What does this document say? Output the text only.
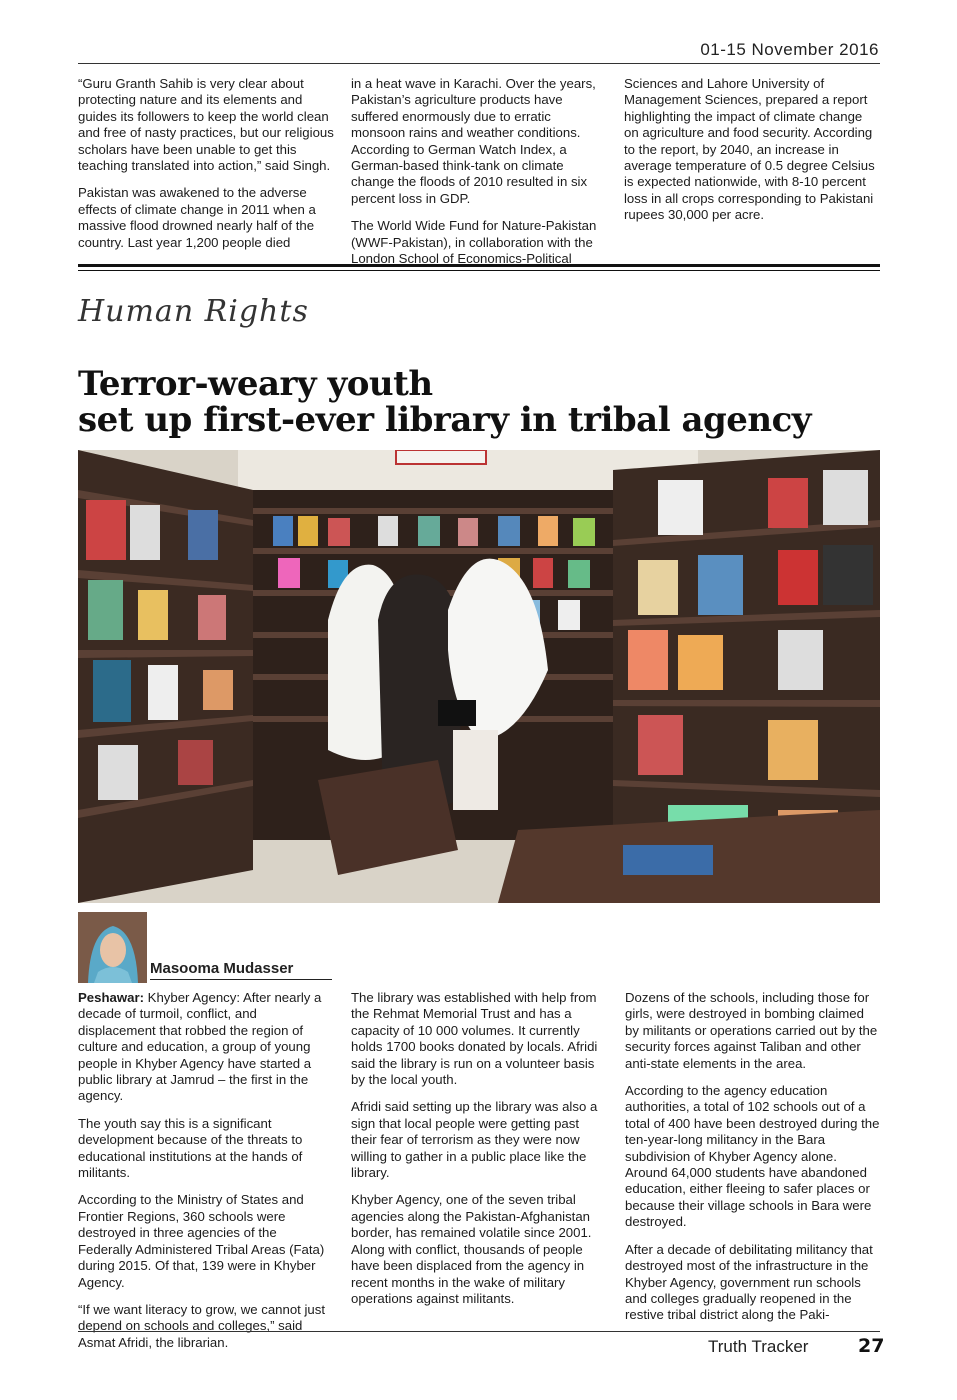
01-15 November 2016

“Guru Granth Sahib is very clear about protecting nature and its elements and guides its followers to keep the world clean and free of nasty practices, but our religious scholars have been unable to get this teaching translated into action,” said Singh.

Pakistan was awakened to the adverse effects of climate change in 2011 when a massive flood drowned nearly half of the country. Last year 1,200 people died

in a heat wave in Karachi. Over the years, Pakistan’s agriculture products have suffered enormously due to erratic monsoon rains and weather conditions. According to German Watch Index, a German-based think-tank on climate change the floods of 2010 resulted in six percent loss in GDP.

The World Wide Fund for Nature-Pakistan (WWF-Pakistan), in collaboration with the London School of Economics-Political

Sciences and Lahore University of Management Sciences, prepared a report highlighting the impact of climate change on agriculture and food security. According to the report, by 2040, an increase in average temperature of 0.5 degree Celsius is expected nationwide, with 8-10 percent loss in all crops corresponding to Pakistani rupees 30,000 per acre.

Human Rights
Terror-weary youth
set up first-ever library in tribal agency
Masooma Mudasser

Peshawar: Khyber Agency: After nearly a decade of turmoil, conflict, and displacement that robbed the region of culture and education, a group of young people in Khyber Agency have started a public library at Jamrud – the first in the agency.

The youth say this is a significant development because of the threats to educational institutions at the hands of militants.

According to the Ministry of States and Frontier Regions, 360 schools were destroyed in three agencies of the Federally Administered Tribal Areas (Fata) during 2015. Of that, 139 were in Khyber Agency.

“If we want literacy to grow, we cannot just depend on schools and colleges,” said Asmat Afridi, the librarian.

The library was established with help from the Rehmat Memorial Trust and has a capacity of 10 000 volumes. It currently holds 1700 books donated by locals. Afridi said the library is run on a volunteer basis by the local youth.

Afridi said setting up the library was also a sign that local people were getting past their fear of terrorism as they were now willing to gather in a public place like the library.

Khyber Agency, one of the seven tribal agencies along the Pakistan-Afghanistan border, has remained volatile since 2001. Along with conflict, thousands of people have been displaced from the agency in recent months in the wake of military operations against militants.

Dozens of the schools, including those for girls, were destroyed in bombing claimed by militants or operations carried out by the security forces against Taliban and other anti-state elements in the area.

According to the agency education authorities, a total of 102 schools out of a total of 400 have been destroyed during the ten-year-long militancy in the Bara subdivision of Khyber Agency alone. Around 64,000 students have abandoned education, either fleeing to safer places or because their village schools in Bara were destroyed.

After a decade of debilitating militancy that destroyed most of the infrastructure in the Khyber Agency, government run schools and colleges gradually reopened in the restive tribal district along the Paki-

Truth Tracker	27
